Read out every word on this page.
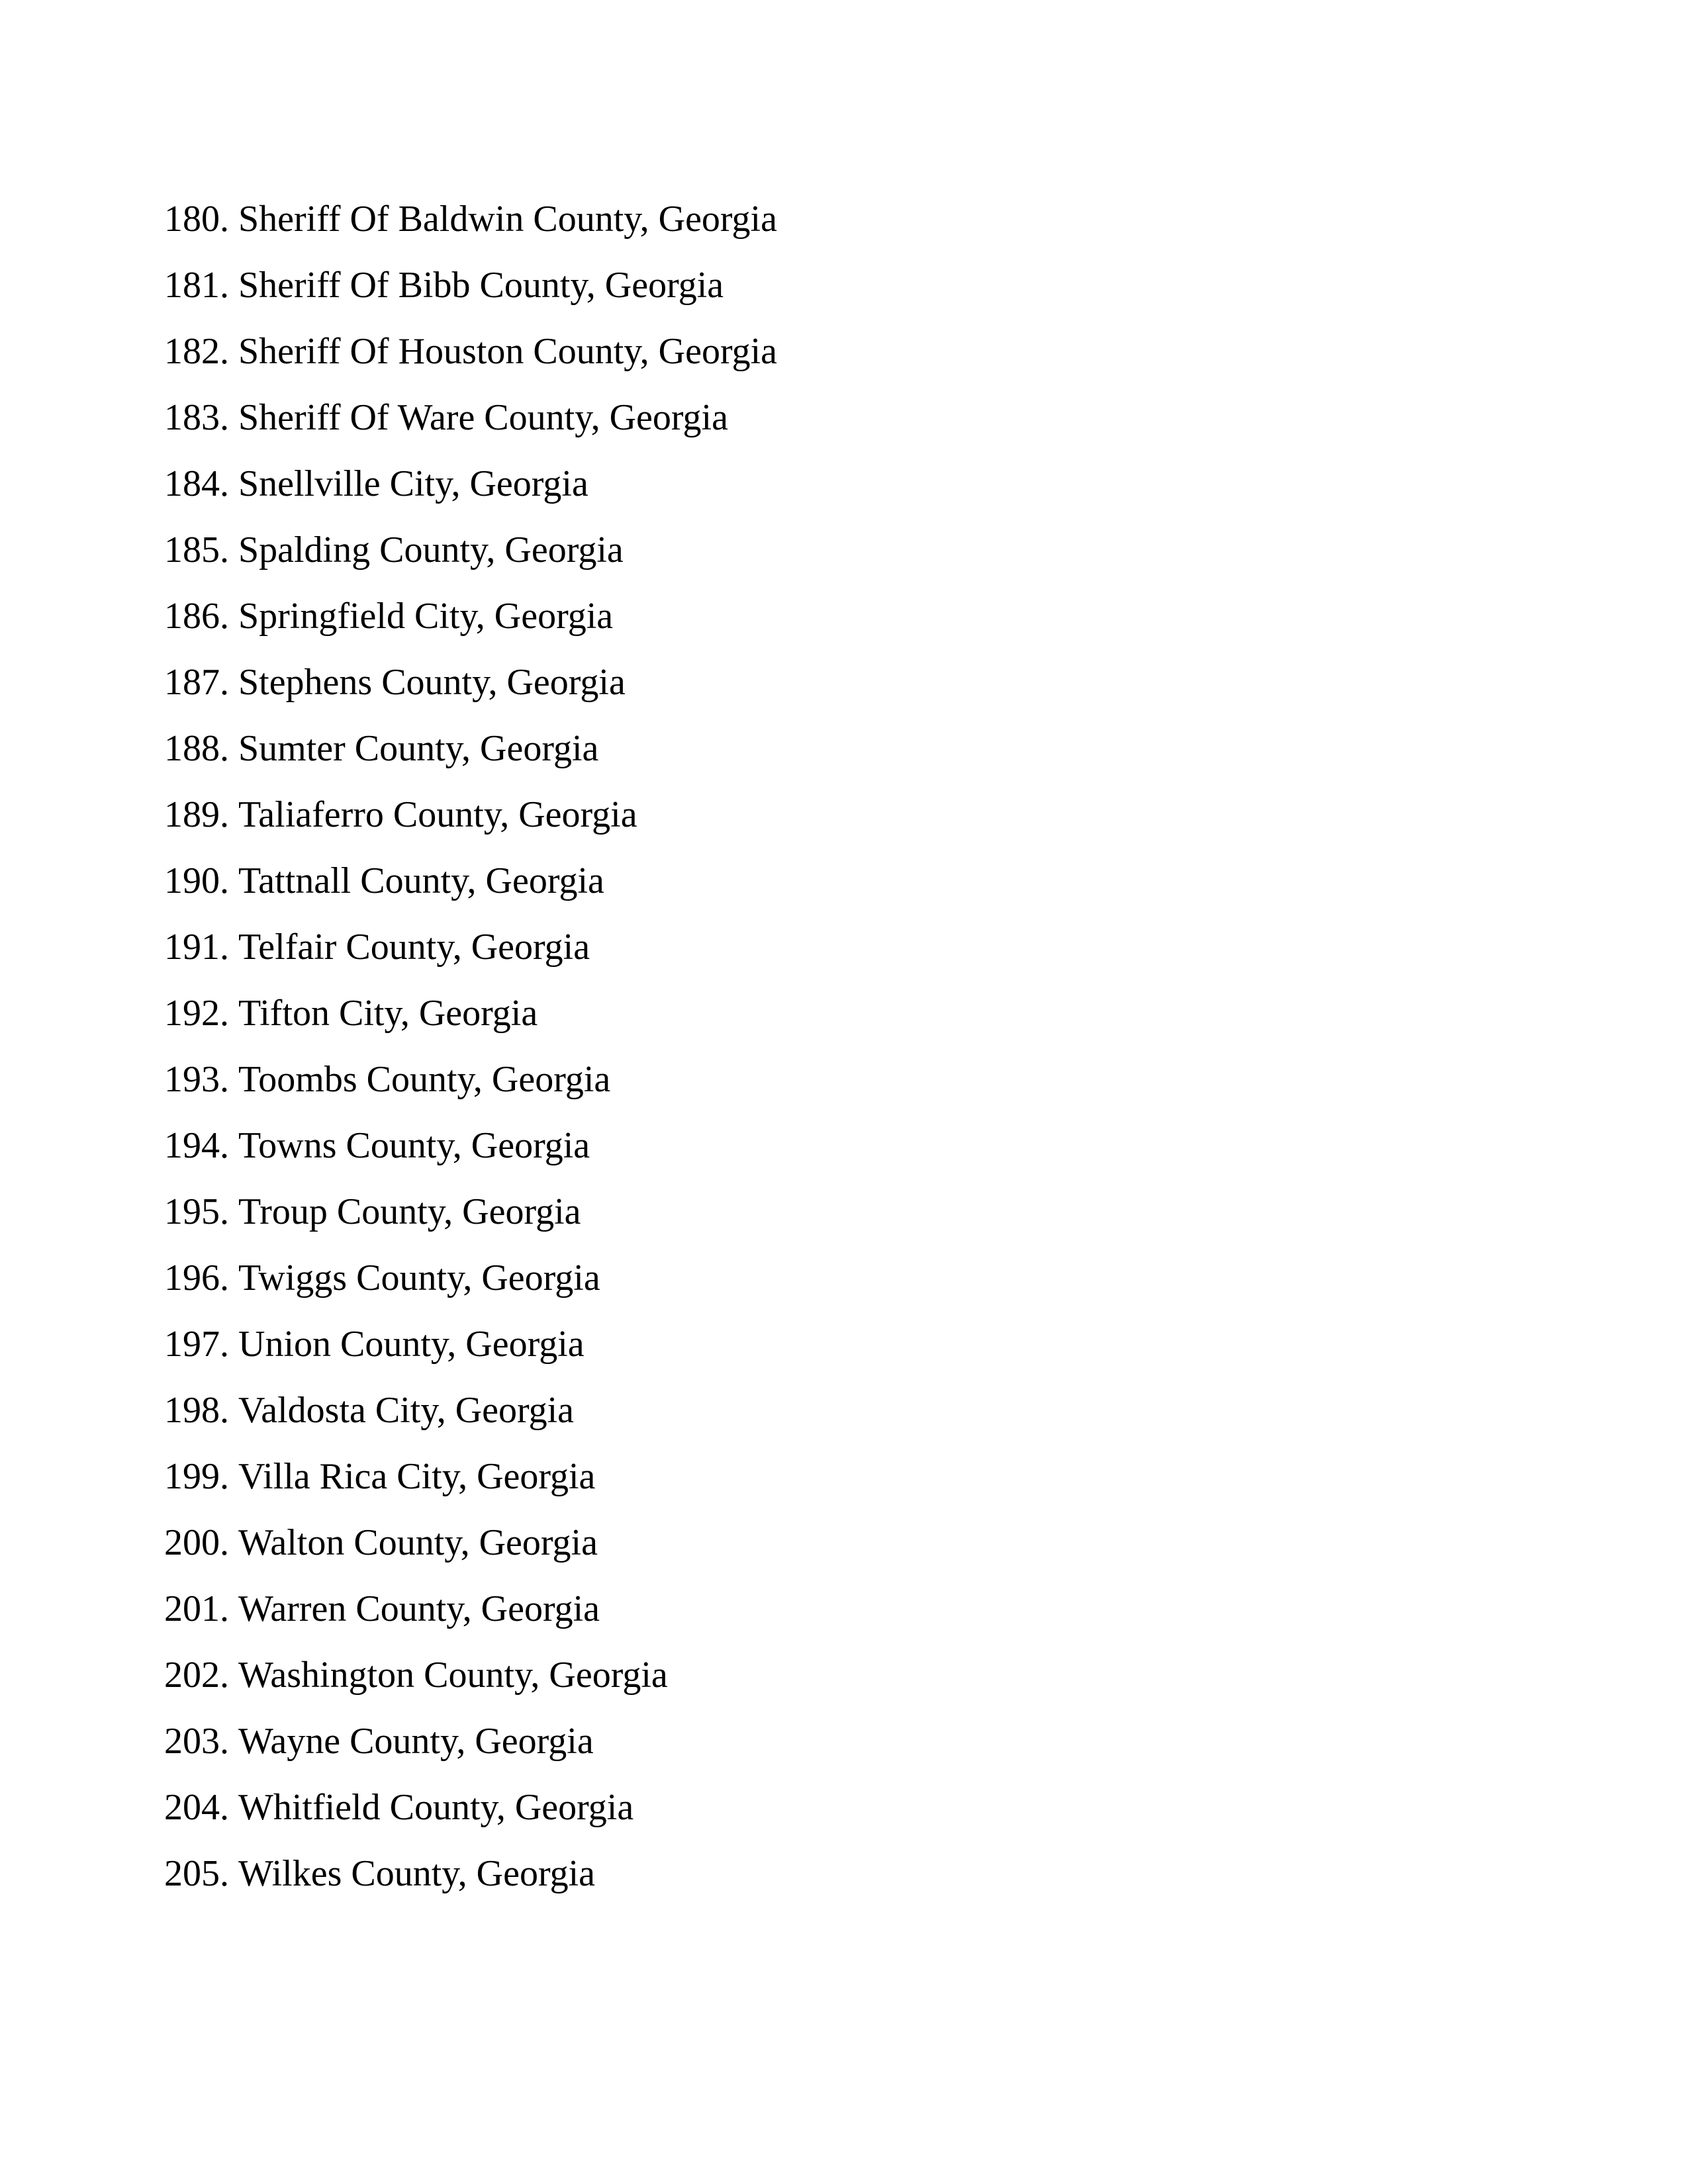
180. Sheriff Of Baldwin County, Georgia
181. Sheriff Of Bibb County, Georgia
182. Sheriff Of Houston County, Georgia
183. Sheriff Of Ware County, Georgia
184. Snellville City, Georgia
185. Spalding County, Georgia
186. Springfield City, Georgia
187. Stephens County, Georgia
188. Sumter County, Georgia
189. Taliaferro County, Georgia
190. Tattnall County, Georgia
191. Telfair County, Georgia
192. Tifton City, Georgia
193. Toombs County, Georgia
194. Towns County, Georgia
195. Troup County, Georgia
196. Twiggs County, Georgia
197. Union County, Georgia
198. Valdosta City, Georgia
199. Villa Rica City, Georgia
200. Walton County, Georgia
201. Warren County, Georgia
202. Washington County, Georgia
203. Wayne County, Georgia
204. Whitfield County, Georgia
205. Wilkes County, Georgia
